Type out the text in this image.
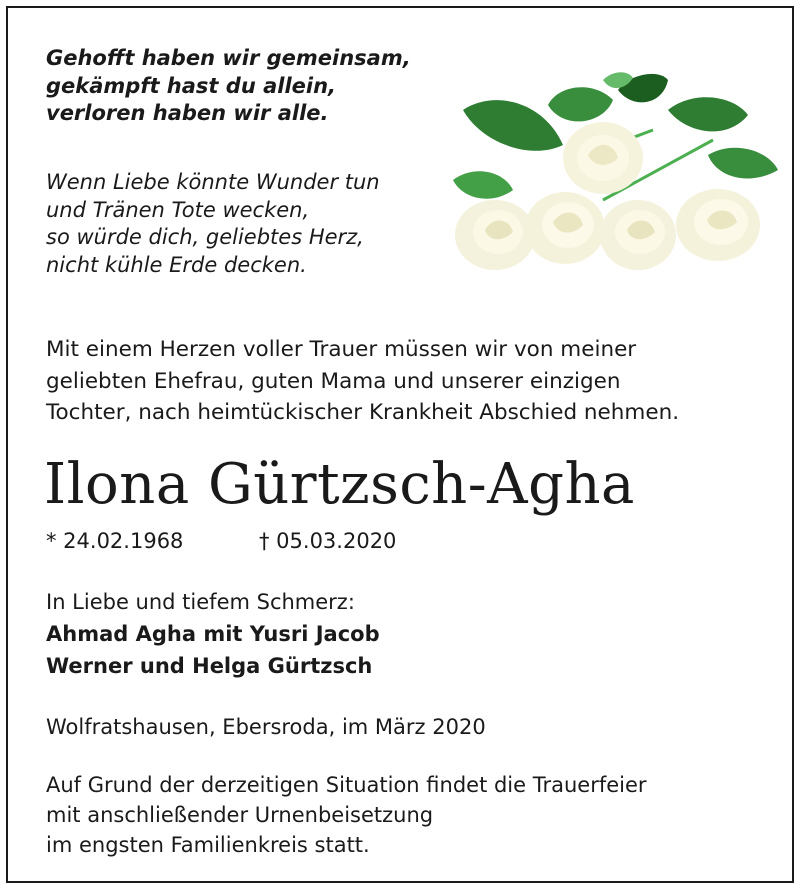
Gehofft haben wir gemeinsam,
gekämpft hast du allein,
verloren haben wir alle.
Wenn Liebe könnte Wunder tun
und Tränen Tote wecken,
so würde dich, geliebtes Herz,
nicht kühle Erde decken.
Mit einem Herzen voller Trauer müssen wir von meiner
geliebten Ehefrau, guten Mama und unserer einzigen
Tochter, nach heimtückischer Krankheit Abschied nehmen.
Ilona Gürtzsch-Agha
* 24.02.1968	† 05.03.2020
In Liebe und tiefem Schmerz:
Ahmad Agha mit Yusri Jacob
Werner und Helga Gürtzsch
Wolfratshausen, Ebersroda, im März 2020
Auf Grund der derzeitigen Situation findet die Trauerfeier
mit anschließender Urnenbeisetzung
im engsten Familienkreis statt.
